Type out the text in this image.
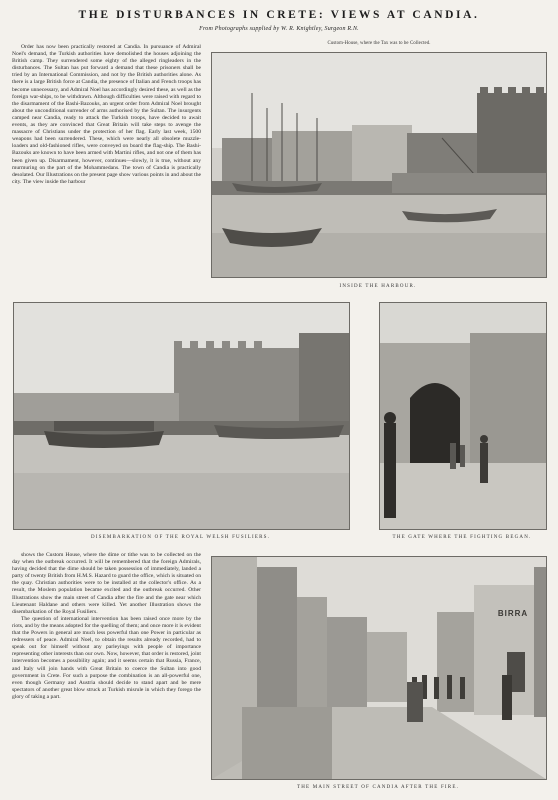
THE DISTURBANCES IN CRETE: VIEWS AT CANDIA.
From Photographs supplied by W. R. Knightley, Surgeon R.N.

Order has now been practically restored at Candia. In pursuance of Admiral Noel's demand, the Turkish authorities have demolished the houses adjoining the British camp. They surrendered some eighty of the alleged ringleaders in the disturbances. The Sultan has put forward a demand that these prisoners shall be tried by an International Commission, and not by the British authorities alone. As there is a large British force at Candia, the presence of Italian and French troops has become unnecessary, and Admiral Noel has accordingly desired these, as well as the foreign war-ships, to be withdrawn. Although difficulties were raised with regard to the disarmament of the Bashi-Bazouks, an urgent order from Admiral Noel brought about the unconditional surrender of arms authorised by the Sultan. The insurgents camped near Candia, ready to attack the Turkish troops, have decided to await events, as they are convinced that Great Britain will take steps to avenge the massacre of Christians under the protection of her flag. Early last week, 1500 weapons had been surrendered. These, which were nearly all obsolete muzzle-loaders and old-fashioned rifles, were conveyed on board the flag-ship. The Bashi-Bazouks are known to have been armed with Martini rifles, and not one of them has been given up. Disarmament, however, continues—slowly, it is true, without any murmuring on the part of the Mohammedans. The town of Candia is practically desolated. Our Illustrations on the present page show various points in and about the city. The view inside the harbour

Custom-House, where the Tax was to be Collected.
INSIDE THE HARBOUR.
DISEMBARKATION OF THE ROYAL WELSH FUSILIERS.	THE GATE WHERE THE FIGHTING BEGAN.

shows the Custom House, where the dime or tithe was to be collected on the day when the outbreak occurred. It will be remembered that the foreign Admirals, having decided that the dime should be taken possession of immediately, landed a party of twenty British from H.M.S. Hazard to guard the office, which is situated on the quay. Christian authorities were to be installed at the collector's office. As a result, the Moslem population became excited and the outbreak occurred. Other Illustrations show the main street of Candia after the fire and the gate near which Lieutenant Haldane and others were killed. Yet another Illustration shows the disembarkation of the Royal Fusiliers.

The question of international intervention has been raised once more by the riots, and by the means adopted for the quelling of them; and once more it is evident that the Powers in general are much less powerful than one Power in particular as redressers of peace. Admiral Noel, to obtain the results already recorded, had to speak out for himself without any parleyings with people of importance representing other interests than our own. Now, however, that order is restored, joint intervention becomes a possibility again; and it seems certain that Russia, France, and Italy will join hands with Great Britain to coerce the Sultan into good government in Crete. For such a purpose the combination is an all-powerful one, even though Germany and Austria should decide to stand apart and be mere spectators of another great blow struck at Turkish misrule in which they forego the glory of taking a part.

BIRRA
THE MAIN STREET OF CANDIA AFTER THE FIRE.
